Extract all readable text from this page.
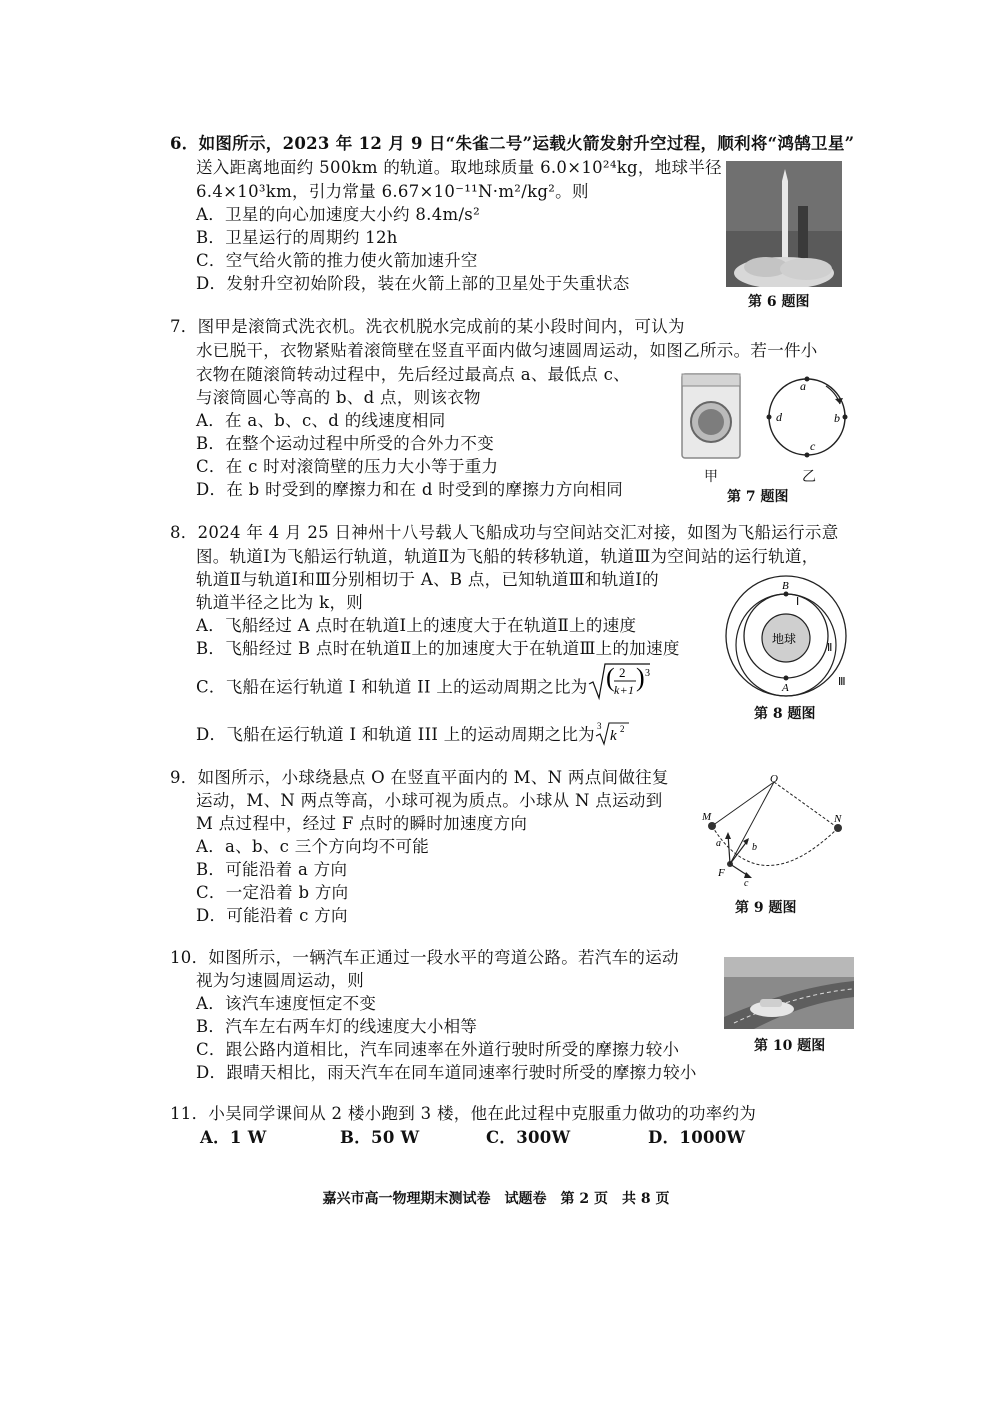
6．如图所示，2023 年 12 月 9 日“朱雀二号”运载火箭发射升空过程，顺利将“鸿鹄卫星”
送入距离地面约 500km 的轨道。取地球质量 6.0×10²⁴kg，地球半径
6.4×10³km，引力常量 6.67×10⁻¹¹N·m²/kg²。则
A．卫星的向心加速度大小约 8.4m/s²
B．卫星运行的周期约 12h
C．空气给火箭的推力使火箭加速升空
D．发射升空初始阶段，装在火箭上部的卫星处于失重状态
第 6 题图
7．图甲是滚筒式洗衣机。洗衣机脱水完成前的某小段时间内，可认为
水已脱干，衣物紧贴着滚筒壁在竖直平面内做匀速圆周运动，如图乙所示。若一件小
衣物在随滚筒转动过程中，先后经过最高点 a、最低点 c、
与滚筒圆心等高的 b、d 点，则该衣物
A．在 a、b、c、d 的线速度相同
B．在整个运动过程中所受的合外力不变
C．在 c 时对滚筒壁的压力大小等于重力
D．在 b 时受到的摩擦力和在 d 时受到的摩擦力方向相同
a
b
c
d
甲	乙
第 7 题图
8．2024 年 4 月 25 日神州十八号载人飞船成功与空间站交汇对接，如图为飞船运行示意
图。轨道Ⅰ为飞船运行轨道，轨道Ⅱ为飞船的转移轨道，轨道Ⅲ为空间站的运行轨道，
轨道Ⅱ与轨道Ⅰ和Ⅲ分别相切于 A、B 点，已知轨道Ⅲ和轨道Ⅰ的
轨道半径之比为 k，则
A．飞船经过 A 点时在轨道Ⅰ上的速度大于在轨道Ⅱ上的速度
B．飞船经过 B 点时在轨道Ⅱ上的加速度大于在轨道Ⅲ上的加速度
C．飞船在运行轨道 I 和轨道 II 上的运动周期之比为 ( 2
k+1 ) 3
D．飞船在运行轨道 I 和轨道 III 上的运动周期之比为 3
k 2
地球
B
A
Ⅰ
Ⅱ
Ⅲ
第 8 题图
9．如图所示，小球绕悬点 O 在竖直平面内的 M、N 两点间做往复
运动，M、N 两点等高，小球可视为质点。小球从 N 点运动到
M 点过程中，经过 F 点时的瞬时加速度方向
A．a、b、c 三个方向均不可能
B．可能沿着 a 方向
C．一定沿着 b 方向
D．可能沿着 c 方向
O
M	N
F
a	b
c
第 9 题图
10．如图所示，一辆汽车正通过一段水平的弯道公路。若汽车的运动
视为匀速圆周运动，则
A．该汽车速度恒定不变
B．汽车左右两车灯的线速度大小相等
C．跟公路内道相比，汽车同速率在外道行驶时所受的摩擦力较小
D．跟晴天相比，雨天汽车在同车道同速率行驶时所受的摩擦力较小
第 10 题图
11．小吴同学课间从 2 楼小跑到 3 楼，他在此过程中克服重力做功的功率约为
A．1 W	B．50 W	C．300W	D．1000W
嘉兴市高一物理期末测试卷　试题卷　第 2 页　共 8 页
